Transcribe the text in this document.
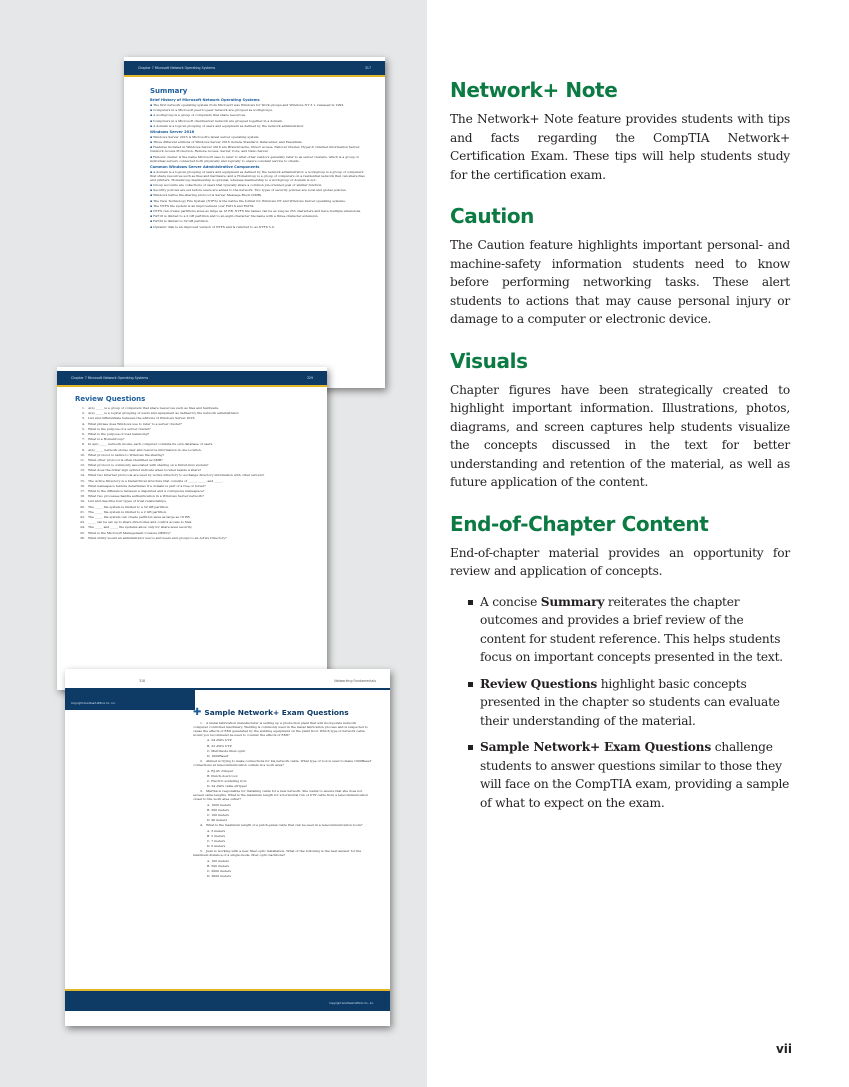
Chapter 7 Microsoft Network Operating Systems	317
Summary
Brief History of Microsoft Network Operating Systems
▪ The first network operating system from Microsoft was Windows for Work-groups and Windows NT 3.1, released in 1993.
▪ Computers in a Microsoft peer-to-peer network are grouped as workgroups.
▪ A workgroup is a group of computers that share resources.
▪ Computers in a Microsoft client/server network are grouped together in a domain.
▪ A domain is a logical grouping of users and equipment as defined by the network administrator.
Windows Server 2016
▪ Windows Server 2016 is Microsoft's latest server operating system.
▪ Three different editions of Windows Server 2016 include Standard, Datacenter, and Essentials.
▪ Features included in Windows Server 2016 are BranchCache, Direct Access, Failover Cluster, Hyper-V, Internet Information Server, Network Access Protection, Remote Access, Server Core, and Nano Server.
▪ Failover cluster is the name Microsoft uses to refer to what other vendors generally refer to as server clusters, which is a group of individual servers connected both physically and logically to ensure constant service to clients.
Common Windows Server Administrative Components
▪ A domain is a logical grouping of users and equipment as defined by the network administrator; a workgroup is a group of computers that share resources such as files and hardware; and a HomeGroup is a group of computers on a residential network that can share files and printers. HomeGroup membership is optional, whereas membership to a workgroup or domain is not.
▪ Group accounts are collections of users that typically share a common job-oriented goal or similar function.
▪ Security policies are set before users are added to the network. Two types of security policies are local and global policies.
▪ Windows native file-sharing protocol is Server Message Block (SMB).
▪ The New Technology File System (NTFS) is the native file format for Windows NT and Windows Server operating systems.
▪ The NTFS file system is an improvement over FAT16 and FAT32.
▪ NTFS can create partitions sizes as large as 16 EB. NTFS file names can be as long as 255 characters and have multiple extensions.
▪ FAT16 is limited to a 2 GB partition and to an eight-character file name with a three-character extension.
▪ FAT32 is limited to 32 GB partition.
▪ Dynamic disk is an improved version of NTFS and is referred to as NTFS 5.0.
Chapter 7 Microsoft Network Operating Systems	329
Review Questions
1. A(n) _____ is a group of computers that share resources such as files and hardware.
2. A(n) _____ is a logical grouping of users and equipment as defined by the network administrator.
3. List and differentiate between the editions of Windows Server 2016.
4. What phrase does Windows use to refer to a server cluster?
5. What is the purpose of a server cluster?
6. What is the purpose of load balancing?
7. What is a HomeGroup?
8. In a(n) _____ network model, each computer contains its own database of users.
9. A(n) _____ network stores user and resource information in one location.
10. What protocol is native to Windows file sharing?
11. What other protocol is often identified as SMB?
12. What protocol is commonly associated with sharing on a Unix/Linux system?
13. What does the dollar sign symbol indicate when located beside a share?
14. What two Internet protocols are used by Active Directory to exchange directory information with other servers?
15. The Active Directory is a hierarchical structure that consists of _____, _____, and _____.
16. What namespace feature determines if a domain is part of a tree or forest?
17. What is the difference between a disjointed and a contiguous namespace?
18. What two processes handle authentication in a Windows Server network?
19. List and describe four types of trust relationships.
20. The _____ file system is limited to a 32 GB partition.
21. The _____ file system is limited to a 2 GB partition.
22. The _____ file system can create partition sizes as large as 16 EB.
23. _____ can be set up to share directories and control access to files.
24. The _____ and _____ file systems allow only for share-level security.
25. What is the Microsoft Management Console (MMC)?
26. What utility would an administrator use to add users and groups to an Active Directory?
318	Networking Fundamentals
Copyright Goodheart-Willcox Co., Inc.
✚ Sample Network+ Exam Questions
1. A metal fabrication manufacturer is setting up a production plant that will incorporate network computer controlled machinery. Welding is commonly used in the metal fabrication process and is suspected to cause the effects of EMI generated by the welding equipment on the plant floor. Which type of network cable would you recommend be used to counter the effects of EMI?
A. 24 AWG UTP
B. 22 AWG UTP
C. Multimode fiber-optic
D. 1000BaseT
2. Ahmed is trying to make connections for his network cable. What type of tool is used to make 1000BaseT connections at telecommunication outlets in a work area?
A. RJ-45 crimper
B. Punch-down tool
C. Electric soldering iron
D. 24 AWG cable stripper
3. Martha is responsible for installing cable for a new network. She wants to ensure that she does not exceed cable lengths. What is the maximum length for a horizontal run of UTP cable from a telecommunication closet to the work area outlet?
A. 1000 meters
B. 200 meters
C. 100 meters
D. 90 meters
4. What is the maximum length of a patch-panel cable that can be used in a telecommunication room?
A. 3 meters
B. 5 meters
C. 7 meters
D. 6 meters
5. Juan is working with a new fiber-optic installation. What of the following is the best answer for the maximum distance of a single-mode, fiber-optic backbone?
A. 100 meters
B. 500 meters
C. 2000 meters
D. 3000 meters
Copyright Goodheart-Willcox Co., Inc.
Network+ Note

The Network+ Note feature provides students with tips and facts regarding the CompTIA Network+ Certification Exam. These tips will help students study for the certification exam.

Caution

The Caution feature highlights important personal- and machine-safety information students need to know before performing networking tasks. These alert students to actions that may cause personal injury or damage to a computer or electronic device.

Visuals

Chapter figures have been strategically created to highlight important information. Illustrations, photos, diagrams, and screen captures help students visualize the concepts discussed in the text for better understanding and retention of the material, as well as future application of the content.

End-of-Chapter Content

End-of-chapter material provides an opportunity for review and application of concepts.

A concise Summary reiterates the chapter outcomes and provides a brief review of the content for student reference. This helps students focus on important concepts presented in the text.
Review Questions highlight basic concepts presented in the chapter so students can evaluate their understanding of the material.
Sample Network+ Exam Questions challenge students to answer questions similar to those they will face on the CompTIA exam, providing a sample of what to expect on the exam.
vii
